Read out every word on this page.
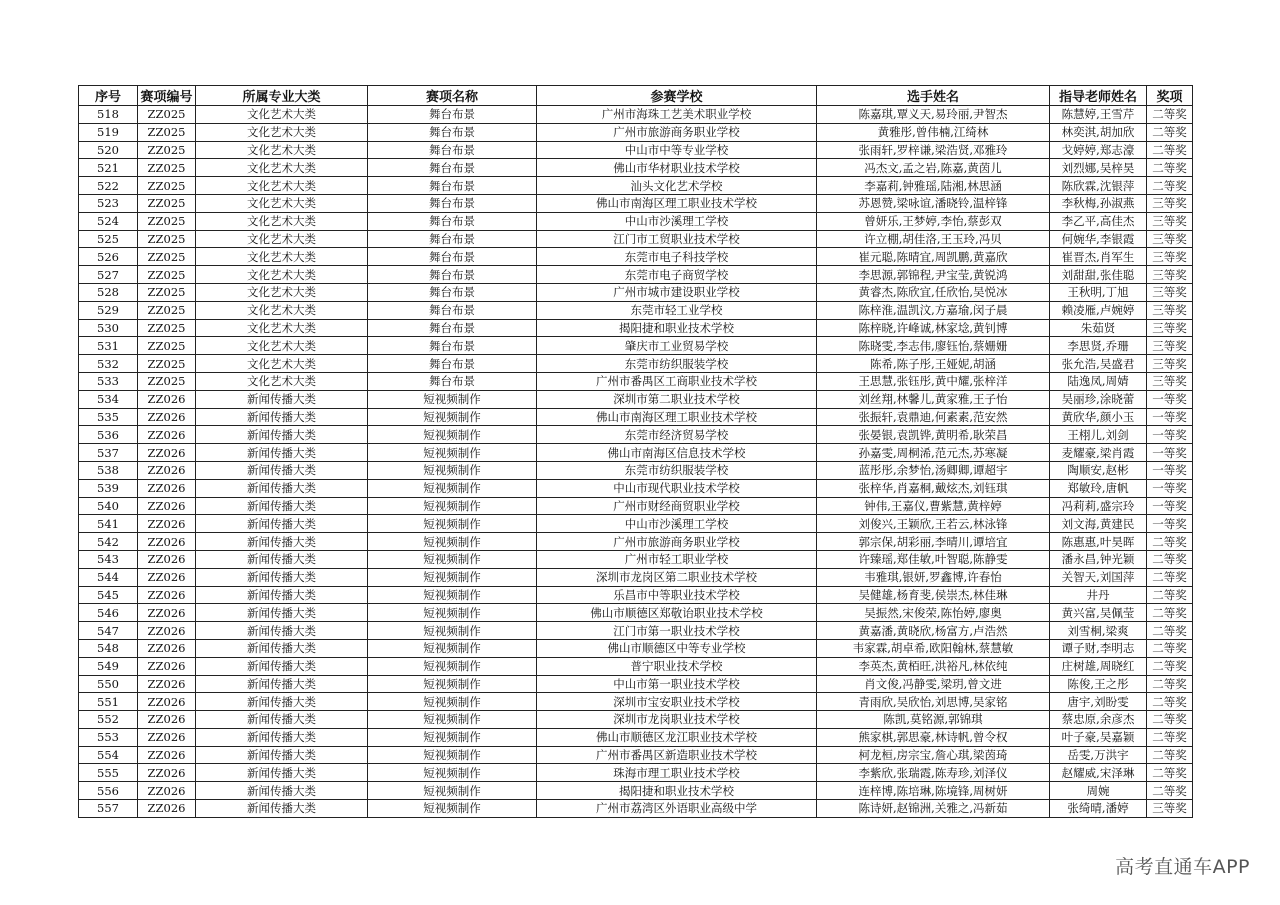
序号	赛项编号	所属专业大类	赛项名称	参赛学校	选手姓名	指导老师姓名	奖项
518	ZZ025	文化艺术大类	舞台布景	广州市海珠工艺美术职业学校	陈嘉琪,覃义天,易玲丽,尹智杰	陈慧婷,王雪芹	二等奖
519	ZZ025	文化艺术大类	舞台布景	广州市旅游商务职业学校	黄雅彤,曾伟楠,江绮林	林奕淇,胡加欣	二等奖
520	ZZ025	文化艺术大类	舞台布景	中山市中等专业学校	张雨轩,罗梓谦,梁浩贤,邓雅玲	戈婷婷,郑志濠	二等奖
521	ZZ025	文化艺术大类	舞台布景	佛山市华材职业技术学校	冯杰文,孟之岩,陈嘉,黄茵儿	刘烈娜,吴梓昊	二等奖
522	ZZ025	文化艺术大类	舞台布景	汕头文化艺术学校	李嘉莉,钟雅瑶,陆湘,林思涵	陈欣霖,沈银萍	二等奖
523	ZZ025	文化艺术大类	舞台布景	佛山市南海区理工职业技术学校	苏恩赞,梁咏谊,潘晓铃,温梓锋	李秋梅,孙淑燕	三等奖
524	ZZ025	文化艺术大类	舞台布景	中山市沙溪理工学校	曾妍乐,王梦婷,李怡,蔡彭双	李乙平,高佳杰	三等奖
525	ZZ025	文化艺术大类	舞台布景	江门市工贸职业技术学校	许立棚,胡佳洛,王玉玲,冯贝	何婉华,李银霞	三等奖
526	ZZ025	文化艺术大类	舞台布景	东莞市电子科技学校	崔元聪,陈晴宜,周凯鹏,黄嘉欣	崔晋杰,肖军生	三等奖
527	ZZ025	文化艺术大类	舞台布景	东莞市电子商贸学校	李思源,郭锦程,尹宝莹,黄锐鸿	刘甜甜,张佳聪	三等奖
528	ZZ025	文化艺术大类	舞台布景	广州市城市建设职业学校	黄睿杰,陈欣宜,任欣怡,吴悦冰	王秋明,丁旭	三等奖
529	ZZ025	文化艺术大类	舞台布景	东莞市轻工业学校	陈梓淮,温凯汶,方嘉瑜,闵子晨	赖凌雁,卢婉婷	三等奖
530	ZZ025	文化艺术大类	舞台布景	揭阳捷和职业技术学校	陈梓晓,许峰诚,林家埝,黄钊博	朱茹贤	三等奖
531	ZZ025	文化艺术大类	舞台布景	肇庆市工业贸易学校	陈晓雯,李志伟,廖钰怡,蔡姗姗	李思贤,乔珊	三等奖
532	ZZ025	文化艺术大类	舞台布景	东莞市纺织服装学校	陈希,陈子彤,王娅妮,胡涵	张允浩,吴盛君	三等奖
533	ZZ025	文化艺术大类	舞台布景	广州市番禺区工商职业技术学校	王思慧,张钰彤,黄中耀,张梓洋	陆逸凤,周婧	三等奖
534	ZZ026	新闻传播大类	短视频制作	深圳市第二职业技术学校	刘丝翔,林馨儿,黄家雅,王子怡	吴丽珍,涂晓蕾	一等奖
535	ZZ026	新闻传播大类	短视频制作	佛山市南海区理工职业技术学校	张振轩,袁鼎迪,何素素,范安然	黄欣华,颜小玉	一等奖
536	ZZ026	新闻传播大类	短视频制作	东莞市经济贸易学校	张晏银,袁凯铧,黄明希,耿荣昌	王栩儿,刘剑	一等奖
537	ZZ026	新闻传播大类	短视频制作	佛山市南海区信息技术学校	孙嘉雯,周桐浠,范元杰,苏寒凝	麦耀豪,梁肖霞	一等奖
538	ZZ026	新闻传播大类	短视频制作	东莞市纺织服装学校	蓝彤彤,余梦怡,汤卿卿,谭超宇	陶顺安,赵彬	一等奖
539	ZZ026	新闻传播大类	短视频制作	中山市现代职业技术学校	张梓华,肖嘉桐,戴炫杰,刘钰琪	郑敏玲,唐帆	一等奖
540	ZZ026	新闻传播大类	短视频制作	广州市财经商贸职业学校	钟伟,王嘉仪,曹紫慧,黄梓婷	冯莉莉,盛宗玲	一等奖
541	ZZ026	新闻传播大类	短视频制作	中山市沙溪理工学校	刘俊兴,王颖欣,王若云,林泳锋	刘文海,黄建民	一等奖
542	ZZ026	新闻传播大类	短视频制作	广州市旅游商务职业学校	郭宗保,胡彩丽,李晴川,谭培宜	陈惠惠,叶昊晖	二等奖
543	ZZ026	新闻传播大类	短视频制作	广州市轻工职业学校	许臻瑶,郑佳敏,叶智聪,陈静雯	潘永昌,钟光颖	二等奖
544	ZZ026	新闻传播大类	短视频制作	深圳市龙岗区第二职业技术学校	韦雅琪,银妍,罗鑫博,许春怡	关智天,刘国萍	二等奖
545	ZZ026	新闻传播大类	短视频制作	乐昌市中等职业技术学校	吴健雄,杨育斐,侯崇杰,林佳琳	井丹	二等奖
546	ZZ026	新闻传播大类	短视频制作	佛山市顺德区郑敬诒职业技术学校	吴振然,宋俊荣,陈怡婷,廖奥	黄兴富,吴佩莹	二等奖
547	ZZ026	新闻传播大类	短视频制作	江门市第一职业技术学校	黄嘉潘,黄晓欣,杨富方,卢浩然	刘雪桐,梁爽	二等奖
548	ZZ026	新闻传播大类	短视频制作	佛山市顺德区中等专业学校	韦家霖,胡卓希,欧阳翰林,蔡慧敏	谭子财,李明志	二等奖
549	ZZ026	新闻传播大类	短视频制作	普宁职业技术学校	李英杰,黄栢旺,洪裕凡,林依纯	庄树雄,周晓红	二等奖
550	ZZ026	新闻传播大类	短视频制作	中山市第一职业技术学校	肖文俊,冯静雯,梁玥,曾文进	陈俊,王之彤	二等奖
551	ZZ026	新闻传播大类	短视频制作	深圳市宝安职业技术学校	青雨欣,吴欣怡,刘思博,吴家铭	唐宇,刘盼雯	二等奖
552	ZZ026	新闻传播大类	短视频制作	深圳市龙岗职业技术学校	陈凯,莫铭源,郭锦琪	蔡忠原,余彦杰	二等奖
553	ZZ026	新闻传播大类	短视频制作	佛山市顺德区龙江职业技术学校	熊家棋,郭思豪,林诗帆,曾令权	叶子豪,吴嘉颖	二等奖
554	ZZ026	新闻传播大类	短视频制作	广州市番禺区新造职业技术学校	柯龙桓,房宗宝,詹心琪,梁茵琦	岳雯,万洪宇	二等奖
555	ZZ026	新闻传播大类	短视频制作	珠海市理工职业技术学校	李紫欣,张瑞霞,陈寿珍,刘泽仪	赵耀威,宋泽琳	二等奖
556	ZZ026	新闻传播大类	短视频制作	揭阳捷和职业技术学校	连梓博,陈培琳,陈境锋,周树妍	周婉	二等奖
557	ZZ026	新闻传播大类	短视频制作	广州市荔湾区外语职业高级中学	陈诗妍,赵锦洲,关雅之,冯新茹	张绮晴,潘婷	三等奖
高考直通车APP
